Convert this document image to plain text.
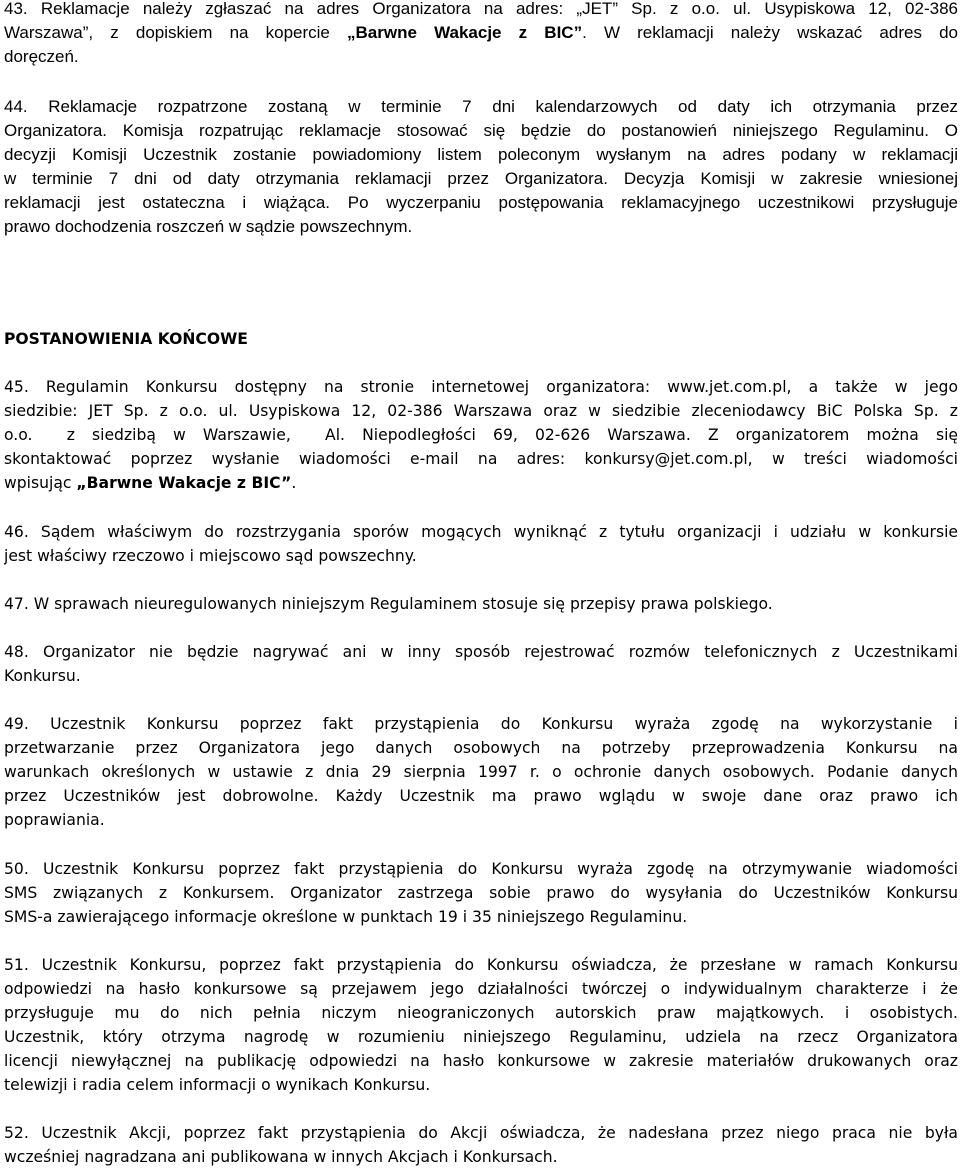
43. Reklamacje należy zgłaszać na adres Organizatora na adres: „JET” Sp. z o.o. ul. Usypiskowa 12, 02-386
Warszawa”, z dopiskiem na kopercie „Barwne Wakacje z BIC”. W reklamacji należy wskazać adres do
doręczeń.
44. Reklamacje rozpatrzone zostaną w terminie 7 dni kalendarzowych od daty ich otrzymania przez
Organizatora. Komisja rozpatrując reklamacje stosować się będzie do postanowień niniejszego Regulaminu. O
decyzji Komisji Uczestnik zostanie powiadomiony listem poleconym wysłanym na adres podany w reklamacji
w terminie 7 dni od daty otrzymania reklamacji przez Organizatora. Decyzja Komisji w zakresie wniesionej
reklamacji jest ostateczna i wiążąca. Po wyczerpaniu postępowania reklamacyjnego uczestnikowi przysługuje
prawo dochodzenia roszczeń w sądzie powszechnym.
POSTANOWIENIA KOŃCOWE
45. Regulamin Konkursu dostępny na stronie internetowej organizatora: www.jet.com.pl, a także w jego
siedzibie: JET Sp. z o.o. ul. Usypiskowa 12, 02-386 Warszawa oraz w siedzibie zleceniodawcy BiC Polska Sp. z
o.o.  z siedzibą w Warszawie,  Al. Niepodległości 69, 02-626 Warszawa. Z organizatorem można się
skontaktować poprzez wysłanie wiadomości e-mail na adres: konkursy@jet.com.pl, w treści wiadomości
wpisując „Barwne Wakacje z BIC”.
46. Sądem właściwym do rozstrzygania sporów mogących wyniknąć z tytułu organizacji i udziału w konkursie
jest właściwy rzeczowo i miejscowo sąd powszechny.
47. W sprawach nieuregulowanych niniejszym Regulaminem stosuje się przepisy prawa polskiego.
48. Organizator nie będzie nagrywać ani w inny sposób rejestrować rozmów telefonicznych z Uczestnikami
Konkursu.
49. Uczestnik Konkursu poprzez fakt przystąpienia do Konkursu wyraża zgodę na wykorzystanie i
przetwarzanie przez Organizatora jego danych osobowych na potrzeby przeprowadzenia Konkursu na
warunkach określonych w ustawie z dnia 29 sierpnia 1997 r. o ochronie danych osobowych. Podanie danych
przez Uczestników jest dobrowolne. Każdy Uczestnik ma prawo wglądu w swoje dane oraz prawo ich
poprawiania.
50. Uczestnik Konkursu poprzez fakt przystąpienia do Konkursu wyraża zgodę na otrzymywanie wiadomości
SMS związanych z Konkursem. Organizator zastrzega sobie prawo do wysyłania do Uczestników Konkursu
SMS-a zawierającego informacje określone w punktach 19 i 35 niniejszego Regulaminu.
51. Uczestnik Konkursu, poprzez fakt przystąpienia do Konkursu oświadcza, że przesłane w ramach Konkursu
odpowiedzi na hasło konkursowe są przejawem jego działalności twórczej o indywidualnym charakterze i że
przysługuje mu do nich pełnia niczym nieograniczonych autorskich praw majątkowych. i osobistych.
Uczestnik, który otrzyma nagrodę w rozumieniu niniejszego Regulaminu, udziela na rzecz Organizatora
licencji niewyłącznej na publikację odpowiedzi na hasło konkursowe w zakresie materiałów drukowanych oraz
telewizji i radia celem informacji o wynikach Konkursu.
52. Uczestnik Akcji, poprzez fakt przystąpienia do Akcji oświadcza, że nadesłana przez niego praca nie była
wcześniej nagradzana ani publikowana w innych Akcjach i Konkursach.
